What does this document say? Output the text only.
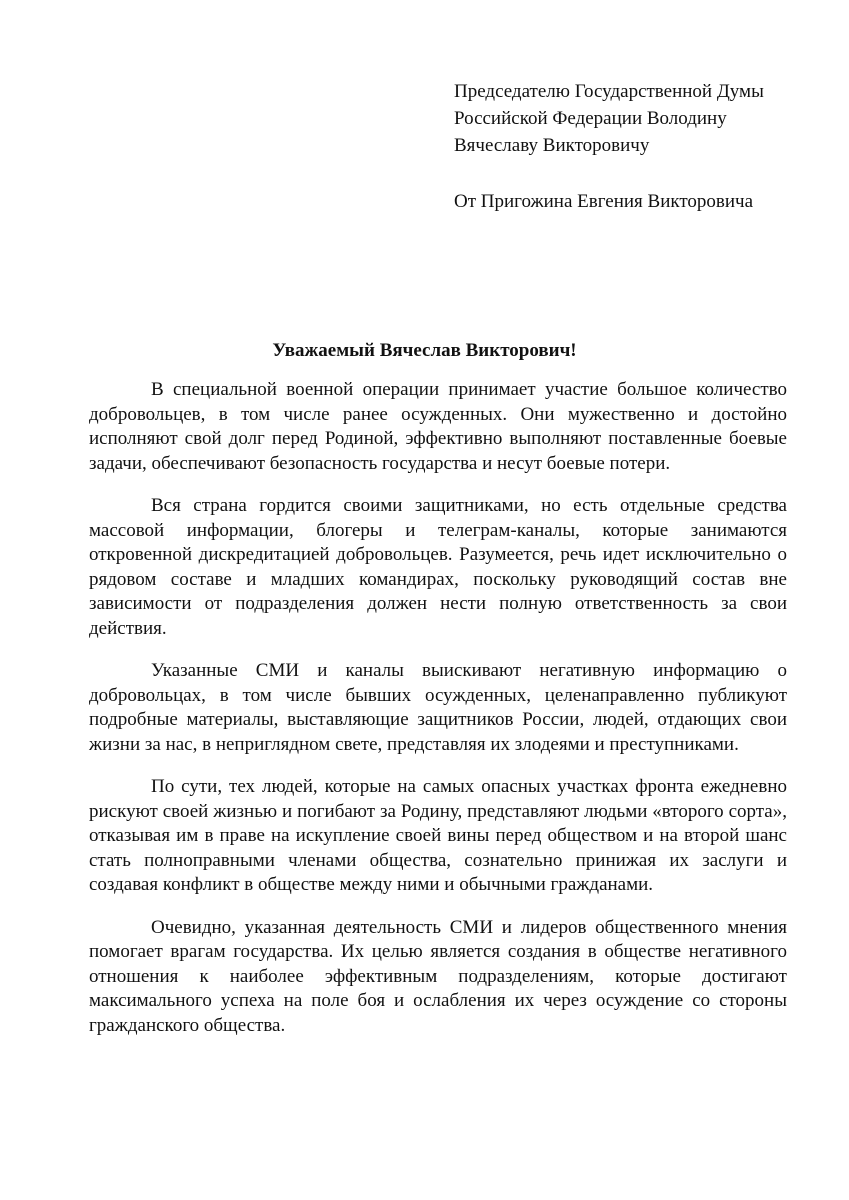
Председателю Государственной Думы
Российской Федерации Володину
Вячеславу Викторовичу
От Пригожина Евгения Викторовича
Уважаемый Вячеслав Викторович!

В специальной военной операции принимает участие большое количество добровольцев, в том числе ранее осужденных. Они мужественно и достойно исполняют свой долг перед Родиной, эффективно выполняют поставленные боевые задачи, обеспечивают безопасность государства и несут боевые потери.

Вся страна гордится своими защитниками, но есть отдельные средства массовой информации, блогеры и телеграм-каналы, которые занимаются откровенной дискредитацией добровольцев. Разумеется, речь идет исключительно о рядовом составе и младших командирах, поскольку руководящий состав вне зависимости от подразделения должен нести полную ответственность за свои действия.

Указанные СМИ и каналы выискивают негативную информацию о добровольцах, в том числе бывших осужденных, целенаправленно публикуют подробные материалы, выставляющие защитников России, людей, отдающих свои жизни за нас, в неприглядном свете, представляя их злодеями и преступниками.

По сути, тех людей, которые на самых опасных участках фронта ежедневно рискуют своей жизнью и погибают за Родину, представляют людьми «второго сорта», отказывая им в праве на искупление своей вины перед обществом и на второй шанс стать полноправными членами общества, сознательно принижая их заслуги и создавая конфликт в обществе между ними и обычными гражданами.

Очевидно, указанная деятельность СМИ и лидеров общественного мнения помогает врагам государства. Их целью является создания в обществе негативного отношения к наиболее эффективным подразделениям, которые достигают максимального успеха на поле боя и ослабления их через осуждение со стороны гражданского общества.
